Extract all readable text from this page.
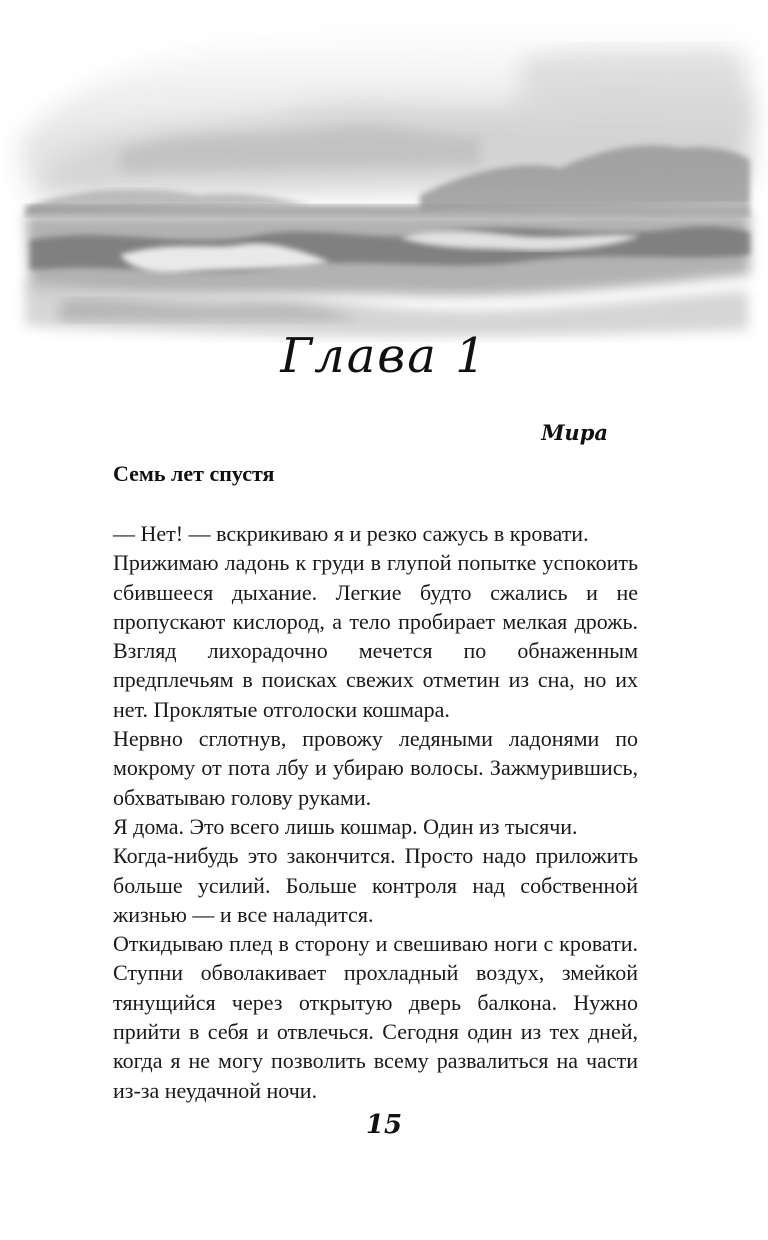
Глава 1
Мира
Семь лет спустя

— Нет! — вскрикиваю я и резко сажусь в кровати.

Прижимаю ладонь к груди в глупой попытке успокоить сбившееся дыхание. Легкие будто сжались и не пропускают кислород, а тело пробирает мелкая дрожь. Взгляд лихорадочно мечется по обнаженным предплечьям в поисках свежих отметин из сна, но их нет. Проклятые отголоски кошмара.

Нервно сглотнув, провожу ледяными ладонями по мокрому от пота лбу и убираю волосы. Зажмурившись, обхватываю голову руками.

Я дома. Это всего лишь кошмар. Один из тысячи.

Когда-нибудь это закончится. Просто надо приложить больше усилий. Больше контроля над собственной жизнью — и все наладится.

Откидываю плед в сторону и свешиваю ноги с кровати. Ступни обволакивает прохладный воздух, змейкой тянущийся через открытую дверь балкона. Нужно прийти в себя и отвлечься. Сегодня один из тех дней, когда я не могу позволить всему развалиться на части из-за неудачной ночи.

15
